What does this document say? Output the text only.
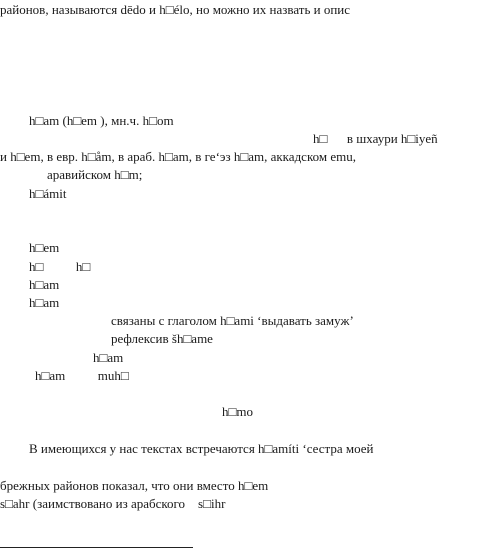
районов, называются dēdo и h□élo, но можно их назвать и опис
h□am (h□em ), мн.ч. h□om
h□      в шхаури h□iyeñ
и h□em, в евр. h□åm, в араб. h□am, в ге‘эз h□am, аккадском emu,
аравийском h□m;
h□ámit
h□em
h□          h□
h□am
h□am
связаны с глаголом h□ami ‘выдавать замуж’
рефлексив šh□ame
h□am
h□am          muh□
h□mo
В имеющихся у нас текстах встречаются h□amíti ‘сестра моей
брежных районов показал, что они вместо h□em
s□ahr (заимствовано из арабского    s□ihr
